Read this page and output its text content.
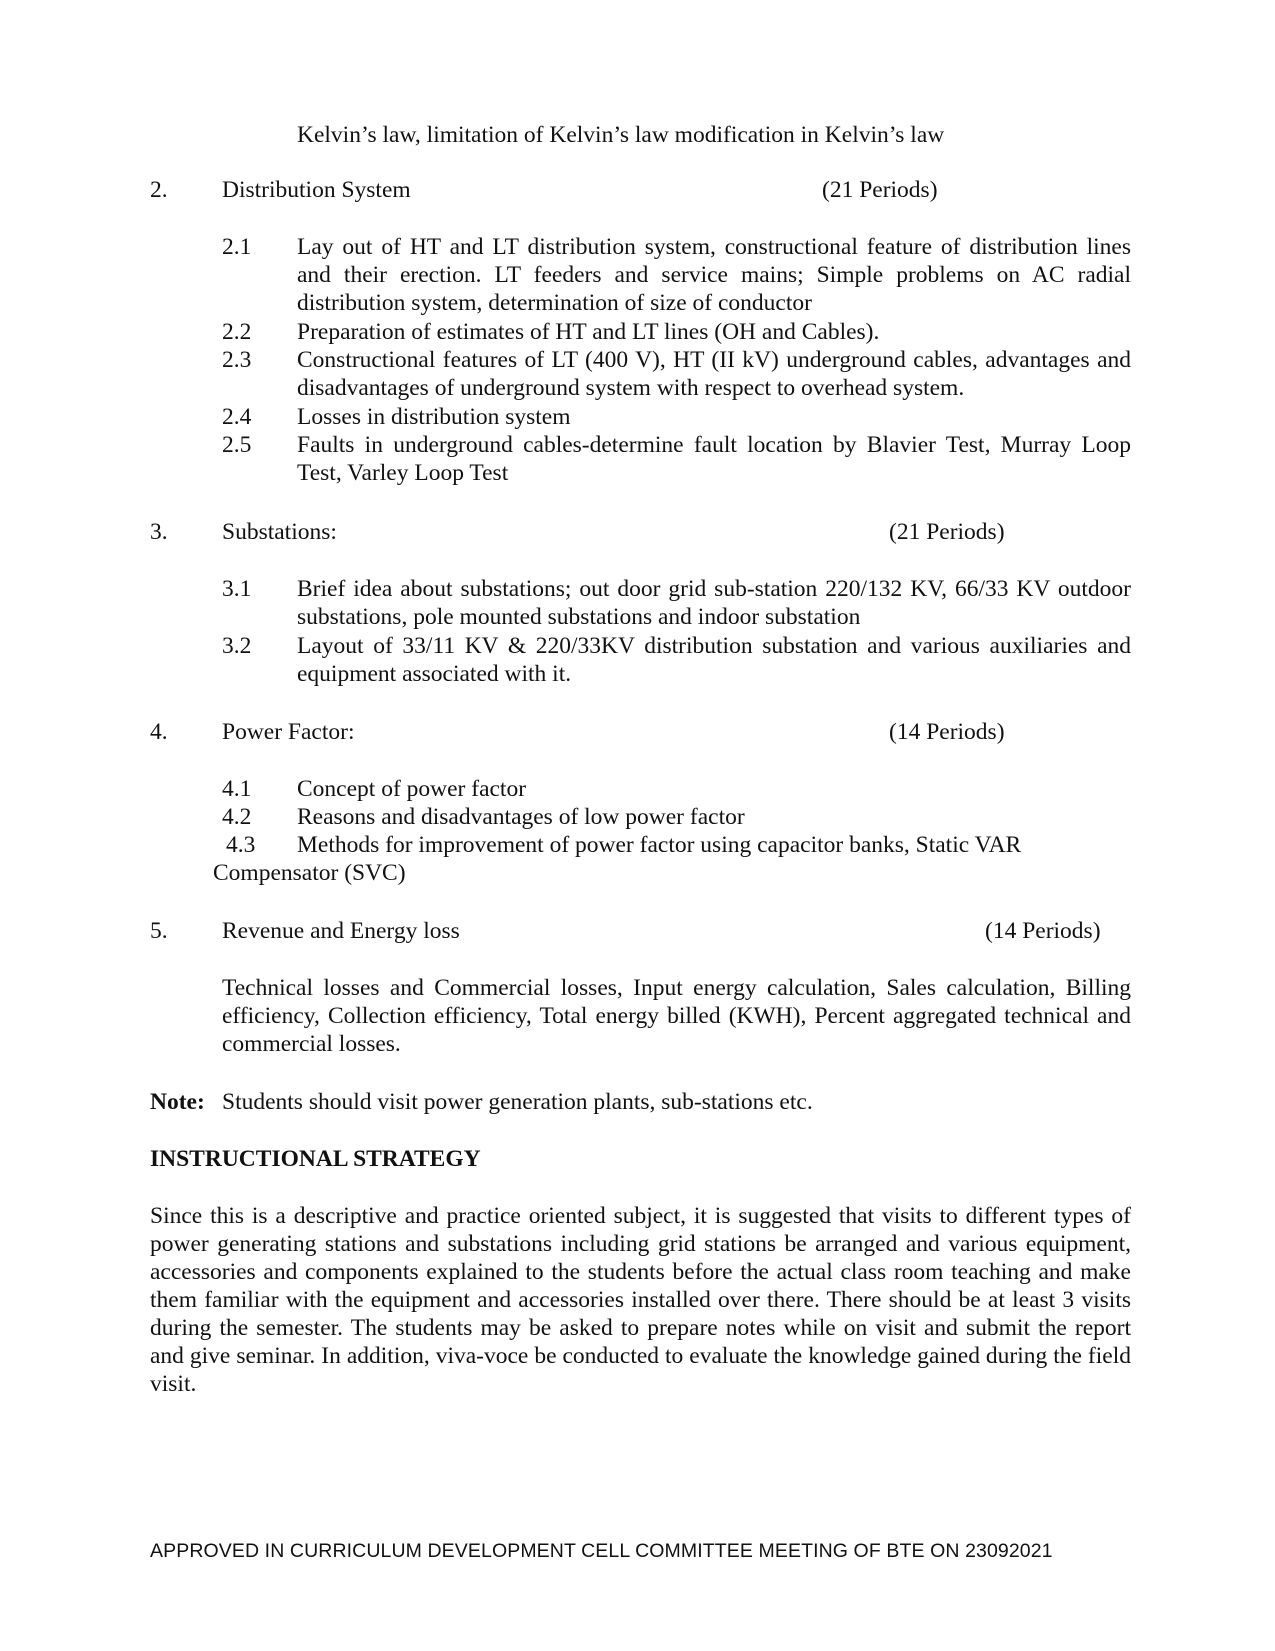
Kelvin’s law, limitation of Kelvin’s law modification in Kelvin’s law
2. Distribution System	(21 Periods)
2.1 Lay out of HT and LT distribution system, constructional feature of distribution lines and their erection. LT feeders and service mains; Simple problems on AC radial distribution system, determination of size of conductor
2.2 Preparation of estimates of HT and LT lines (OH and Cables).
2.3 Constructional features of LT (400 V), HT (II kV) underground cables, advantages and disadvantages of underground system with respect to overhead system.
2.4 Losses in distribution system
2.5 Faults in underground cables-determine fault location by Blavier Test, Murray Loop Test, Varley Loop Test
3. Substations:	(21 Periods)
3.1 Brief idea about substations; out door grid sub-station 220/132 KV, 66/33 KV outdoor substations, pole mounted substations and indoor substation
3.2 Layout of 33/11 KV & 220/33KV distribution substation and various auxiliaries and equipment associated with it.
4. Power Factor:	(14 Periods)
4.1 Concept of power factor
4.2 Reasons and disadvantages of low power factor
4.3 Methods for improvement of power factor using capacitor banks, Static VAR
Compensator (SVC)
5. Revenue and Energy loss	(14 Periods)
Technical losses and Commercial losses, Input energy calculation, Sales calculation, Billing efficiency, Collection efficiency, Total energy billed (KWH), Percent aggregated technical and commercial losses.
Note: Students should visit power generation plants, sub-stations etc.
INSTRUCTIONAL STRATEGY
Since this is a descriptive and practice oriented subject, it is suggested that visits to different types of power generating stations and substations including grid stations be arranged and various equipment, accessories and components explained to the students before the actual class room teaching and make them familiar with the equipment and accessories installed over there. There should be at least 3 visits during the semester. The students may be asked to prepare notes while on visit and submit the report and give seminar. In addition, viva-voce be conducted to evaluate the knowledge gained during the field visit.
APPROVED IN CURRICULUM DEVELOPMENT CELL COMMITTEE MEETING OF BTE ON 23092021
